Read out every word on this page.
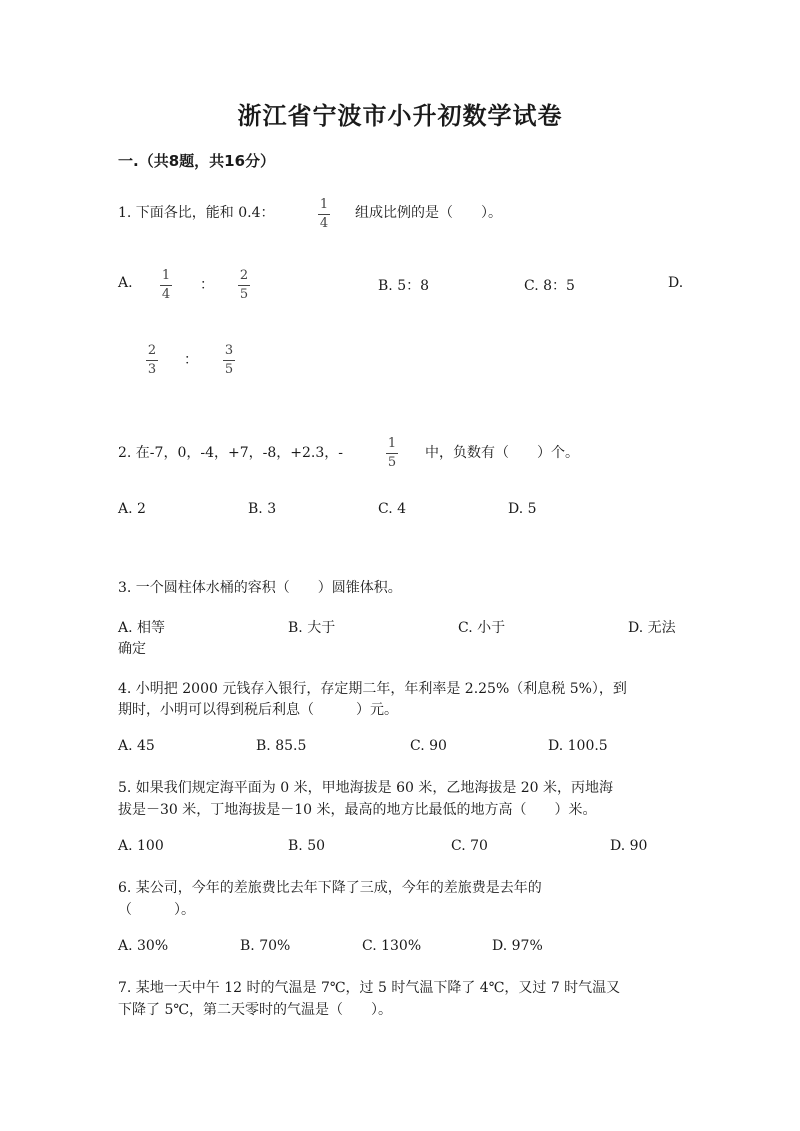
浙江省宁波市小升初数学试卷
一.（共8题，共16分）
1. 下面各比，能和 0.4：
1
4
组成比例的是（　　）。
A. 1
4
：
2
5
B. 5：8	C. 8：5	D.
2
3
：
3
5
2. 在-7，0，-4，+7，-8，+2.3，-
1
5
中，负数有（　　）个。
A. 2	B. 3	C. 4	D. 5
3. 一个圆柱体水桶的容积（　　）圆锥体积。
A. 相等	B. 大于	C. 小于	D. 无法
确定
4. 小明把 2000 元钱存入银行，存定期二年，年利率是 2.25%（利息税 5%），到
期时，小明可以得到税后利息（　　　）元。
A. 45	B. 85.5	C. 90	D. 100.5
5. 如果我们规定海平面为 0 米，甲地海拔是 60 米，乙地海拔是 20 米，丙地海
拔是－30 米，丁地海拔是－10 米，最高的地方比最低的地方高（　　）米。
A. 100	B. 50	C. 70	D. 90
6. 某公司，今年的差旅费比去年下降了三成，今年的差旅费是去年的
（　　　）。
A. 30%	B. 70%	C. 130%	D. 97%
7. 某地一天中午 12 时的气温是 7℃，过 5 时气温下降了 4℃，又过 7 时气温又
下降了 5℃，第二天零时的气温是（　　）。
